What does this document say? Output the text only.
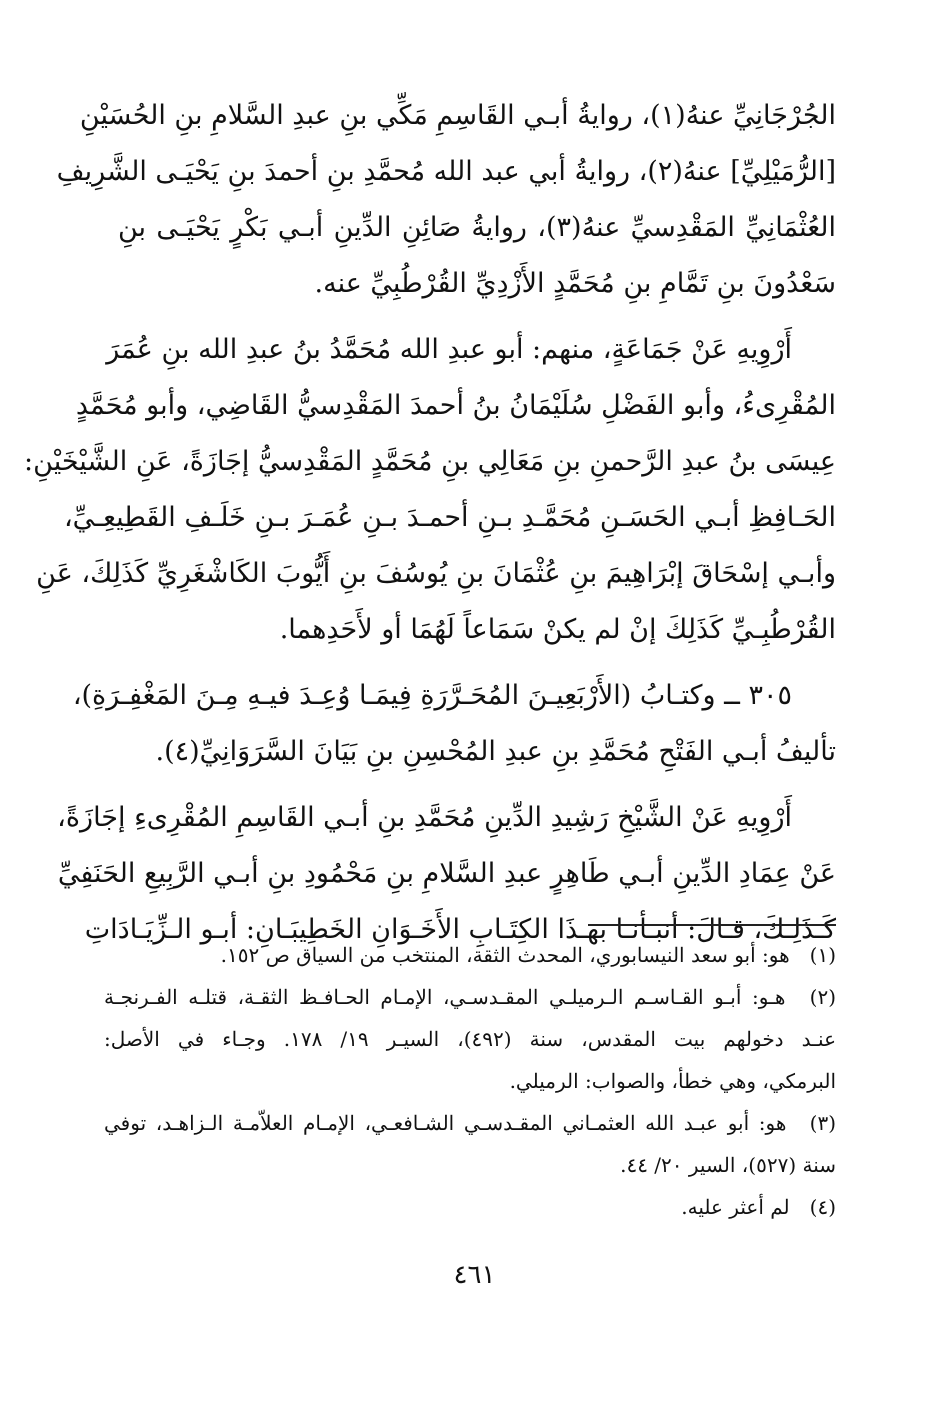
الجُرْجَانِيِّ عنهُ(١)، روايةُ أبـي القَاسِمِ مَكِّي بنِ عبدِ السَّلامِ بنِ الحُسَيْنِ
[الرُّمَيْلِيِّ] عنهُ(٢)، روايةُ أبي عبد الله مُحمَّدِ بنِ أحمدَ بنِ يَحْيَـى الشَّرِيفِ
العُثْمَانِيِّ المَقْدِسيِّ عنهُ(٣)، روايةُ صَائِنِ الدِّينِ أبـي بَكْرٍ يَحْيَـى بنِ
سَعْدُونَ بنِ تَمَّامِ بنِ مُحَمَّدٍ الأَزْدِيِّ القُرْطُبِيِّ عنه.
أَرْوِيهِ عَنْ جَمَاعَةٍ، منهم: أبو عبدِ الله مُحَمَّدُ بنُ عبدِ الله بنِ عُمَرَ
المُقْرِىءُ، وأبو الفَضْلِ سُلَيْمَانُ بنُ أحمدَ المَقْدِسيُّ القَاضِي، وأبو مُحَمَّدٍ
عِيسَى بنُ عبدِ الرَّحمنِ بنِ مَعَالِي بنِ مُحَمَّدٍ المَقْدِسيُّ إجَازَةً، عَنِ الشَّيْخَيْنِ:
الحَـافِظِ أبـي الحَسَـنِ مُحَمَّـدِ بـنِ أحمـدَ بـنِ عُمَـرَ بـنِ خَلَـفِ القَطِيعِـيِّ،
وأبـي إسْحَاقَ إبْرَاهِيمَ بنِ عُثْمَانَ بنِ يُوسُفَ بنِ أَيُّوبَ الكَاشْغَرِيِّ كَذَلِكَ، عَنِ
القُرْطُبِـيِّ كَذَلِكَ إنْ لم يكنْ سَمَاعاً لَهُمَا أو لأَحَدِهما.
٣٠٥ ــ وكتـابُ (الأَرْبَعِيـنَ المُحَـرَّرَةِ فِيمَـا وُعِـدَ فيـهِ مِـنَ المَغْفِـرَةِ)،
تأليفُ أبـي الفَتْحِ مُحَمَّدِ بنِ عبدِ المُحْسِنِ بنِ بَيَانَ السَّرَوَانِيِّ(٤).
أَرْوِيهِ عَنْ الشَّيْخِ رَشِيدِ الدِّينِ مُحَمَّدِ بنِ أبـي القَاسِمِ المُقْرِىءِ إجَازَةً،
عَنْ عِمَادِ الدِّينِ أبـي طَاهِرٍ عبدِ السَّلامِ بنِ مَحْمُودِ بنِ أبـي الرَّبِيعِ الحَنَفِيِّ
كَـذَلِـكَ، قـالَ: أنبـأنـا بهـذَا الكِتَـابِ الأَخَـوَانِ الخَطِيبَـانِ: أبـو الـزِّيَـادَاتِ
(١) هو: أبو سعد النيسابوري، المحدث الثقة، المنتخب من السياق ص ١٥٢.
(٢) هـو: أبـو القـاسـم الـرميلـي المقـدسـي، الإمـام الحـافـظ الثقـة، قتلـه الفـرنجـة
عنـد دخولهم بيت المقدس، سنة (٤٩٢)، السيـر ١٩/ ١٧٨. وجـاء في الأصل:
البرمكي، وهي خطأ، والصواب: الرميلي.
(٣) هو: أبو عبـد الله العثمـاني المقـدسـي الشـافعـي، الإمـام العلاّمـة الـزاهـد، توفي
سنة (٥٢٧)، السير ٢٠/ ٤٤.
(٤) لم أعثر عليه.
٤٦١
